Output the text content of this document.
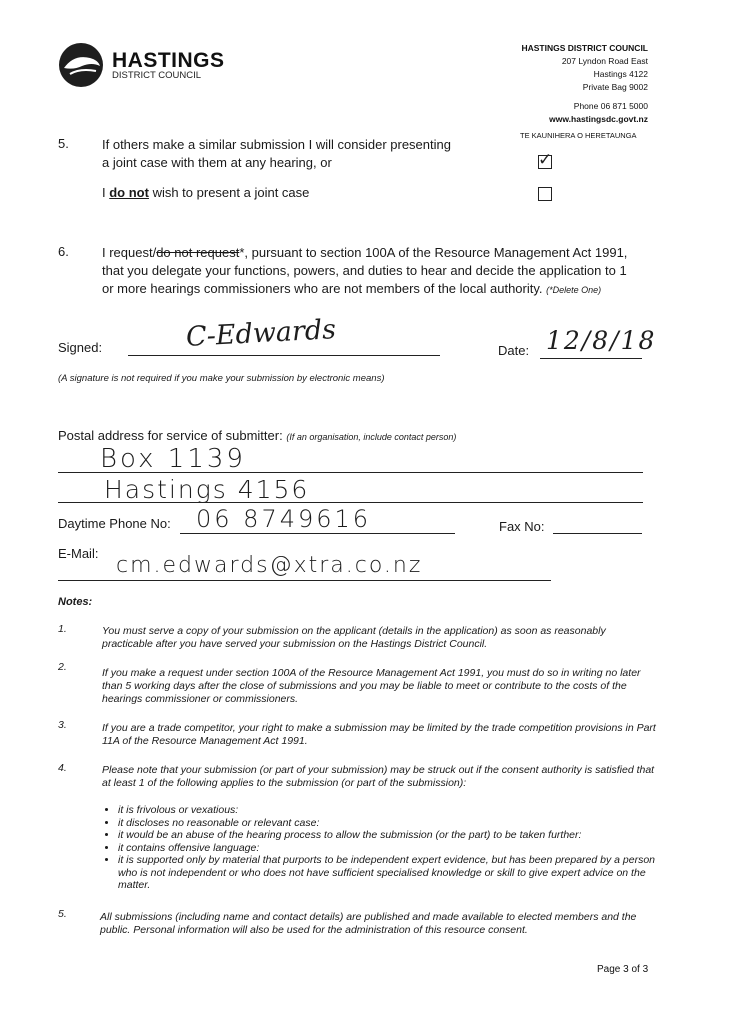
HASTINGS
DISTRICT COUNCIL
HASTINGS DISTRICT COUNCIL
207 Lyndon Road East
Hastings 4122
Private Bag 9002
Phone 06 871 5000
www.hastingsdc.govt.nz
TE KAUNIHERA O HERETAUNGA
5.	If others make a similar submission I will consider presenting
a joint case with them at any hearing, or	✓
I do not wish to present a joint case
6.	I request/do not request*, pursuant to section 100A of the Resource Management Act 1991,
that you delegate your functions, powers, and duties to hear and decide the application to 1
or more hearings commissioners who are not members of the local authority. (*Delete One)
Signed:	C-Edwards	Date: 12/8/18
(A signature is not required if you make your submission by electronic means)
Postal address for service of submitter: (If an organisation, include contact person)
Box 1139
Hastings 4156
Daytime Phone No: 06 8749616	Fax No:
E-Mail: cm.edwards@xtra.co.nz
Notes:
1.	You must serve a copy of your submission on the applicant (details in the application) as soon as reasonably practicable after you have served your submission on the Hastings District Council.
2.	If you make a request under section 100A of the Resource Management Act 1991, you must do so in writing no later than 5 working days after the close of submissions and you may be liable to meet or contribute to the costs of the hearings commissioner or commissioners.
3.	If you are a trade competitor, your right to make a submission may be limited by the trade competition provisions in Part 11A of the Resource Management Act 1991.
4.	Please note that your submission (or part of your submission) may be struck out if the consent authority is satisfied that at least 1 of the following applies to the submission (or part of the submission):
• it is frivolous or vexatious:
• it discloses no reasonable or relevant case:
• it would be an abuse of the hearing process to allow the submission (or the part) to be taken further:
• it contains offensive language:
• it is supported only by material that purports to be independent expert evidence, but has been prepared by a person who is not independent or who does not have sufficient specialised knowledge or skill to give expert advice on the matter.
5.	All submissions (including name and contact details) are published and made available to elected members and the public. Personal information will also be used for the administration of this resource consent.
Page 3 of 3
